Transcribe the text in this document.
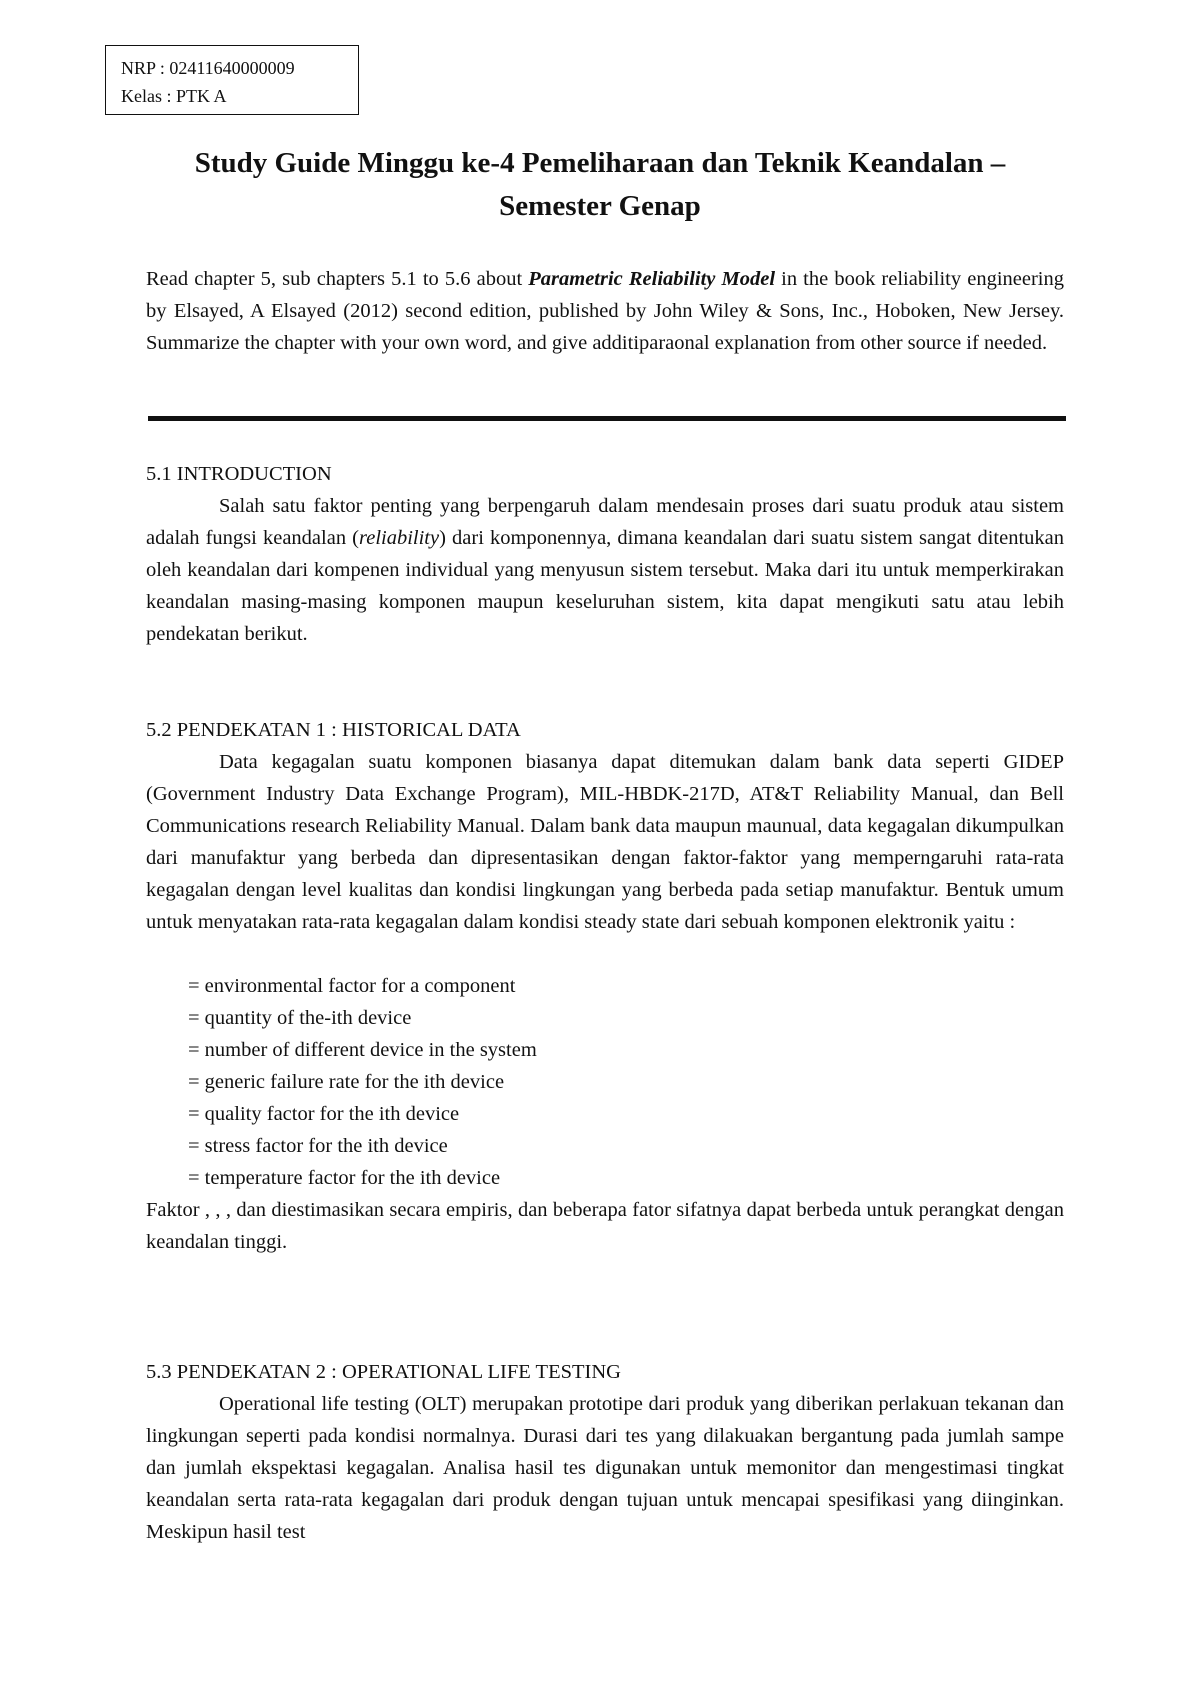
NRP : 02411640000009
Kelas : PTK A
Study Guide Minggu ke-4 Pemeliharaan dan Teknik Keandalan –
Semester Genap
Read chapter 5, sub chapters 5.1 to 5.6 about Parametric Reliability Model in the book reliability engineering by Elsayed, A Elsayed (2012) second edition, published by John Wiley & Sons, Inc., Hoboken, New Jersey. Summarize the chapter with your own word, and give additiparaonal explanation from other source if needed.
5.1 INTRODUCTION
Salah satu faktor penting yang berpengaruh dalam mendesain proses dari suatu produk atau sistem adalah fungsi keandalan (reliability) dari komponennya, dimana keandalan dari suatu sistem sangat ditentukan oleh keandalan dari kompenen individual yang menyusun sistem tersebut. Maka dari itu untuk memperkirakan keandalan masing-masing komponen maupun keseluruhan sistem, kita dapat mengikuti satu atau lebih pendekatan berikut.
5.2 PENDEKATAN 1 : HISTORICAL DATA
Data kegagalan suatu komponen biasanya dapat ditemukan dalam bank data seperti GIDEP (Government Industry Data Exchange Program), MIL-HBDK-217D, AT&T Reliability Manual, dan Bell Communications research Reliability Manual. Dalam bank data maupun maunual, data kegagalan dikumpulkan dari manufaktur yang berbeda dan dipresentasikan dengan faktor-faktor yang memperngaruhi rata-rata kegagalan dengan level kualitas dan kondisi lingkungan yang berbeda pada setiap manufaktur. Bentuk umum untuk menyatakan rata-rata kegagalan dalam kondisi steady state dari sebuah komponen elektronik yaitu :
= environmental factor for a component
= quantity of the-ith device
= number of different device in the system
= generic failure rate for the ith device
= quality factor for the ith device
= stress factor for the ith device
= temperature factor for the ith device
Faktor , , , dan diestimasikan secara empiris, dan beberapa fator sifatnya dapat berbeda untuk perangkat dengan keandalan tinggi.
5.3 PENDEKATAN 2 : OPERATIONAL LIFE TESTING
Operational life testing (OLT) merupakan prototipe dari produk yang diberikan perlakuan tekanan dan lingkungan seperti pada kondisi normalnya. Durasi dari tes yang dilakuakan bergantung pada jumlah sampe dan jumlah ekspektasi kegagalan. Analisa hasil tes digunakan untuk memonitor dan mengestimasi tingkat keandalan serta rata-rata kegagalan dari produk dengan tujuan untuk mencapai spesifikasi yang diinginkan. Meskipun hasil test
